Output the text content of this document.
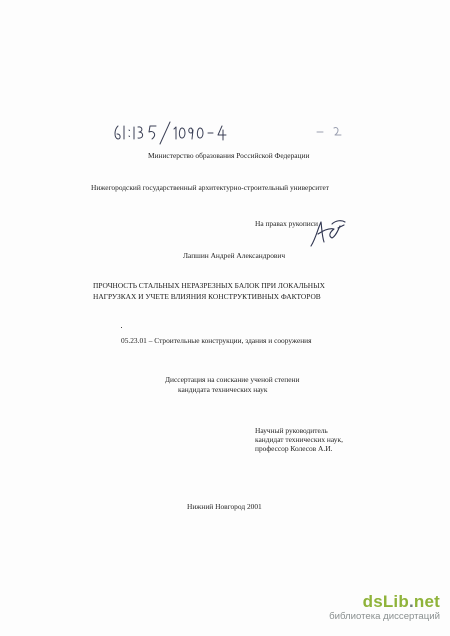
Министерство образования Российской Федерации
Нижегородский государственный архитектурно-строительный университет
На правах рукописи
Лапшин Андрей Александрович
ПРОЧНОСТЬ СТАЛЬНЫХ НЕРАЗРЕЗНЫХ БАЛОК ПРИ ЛОКАЛЬНЫХ
НАГРУЗКАХ И УЧЕТЕ ВЛИЯНИЯ КОНСТРУКТИВНЫХ ФАКТОРОВ
05.23.01 – Строительные конструкции, здания и сооружения
Диссертация на соискание ученой степени
кандидата технических наук
Научный руководитель
кандидат технических наук,
профессор Колесов А.И.
Нижний Новгород 2001
dsLib.net
библиотека диссертаций
